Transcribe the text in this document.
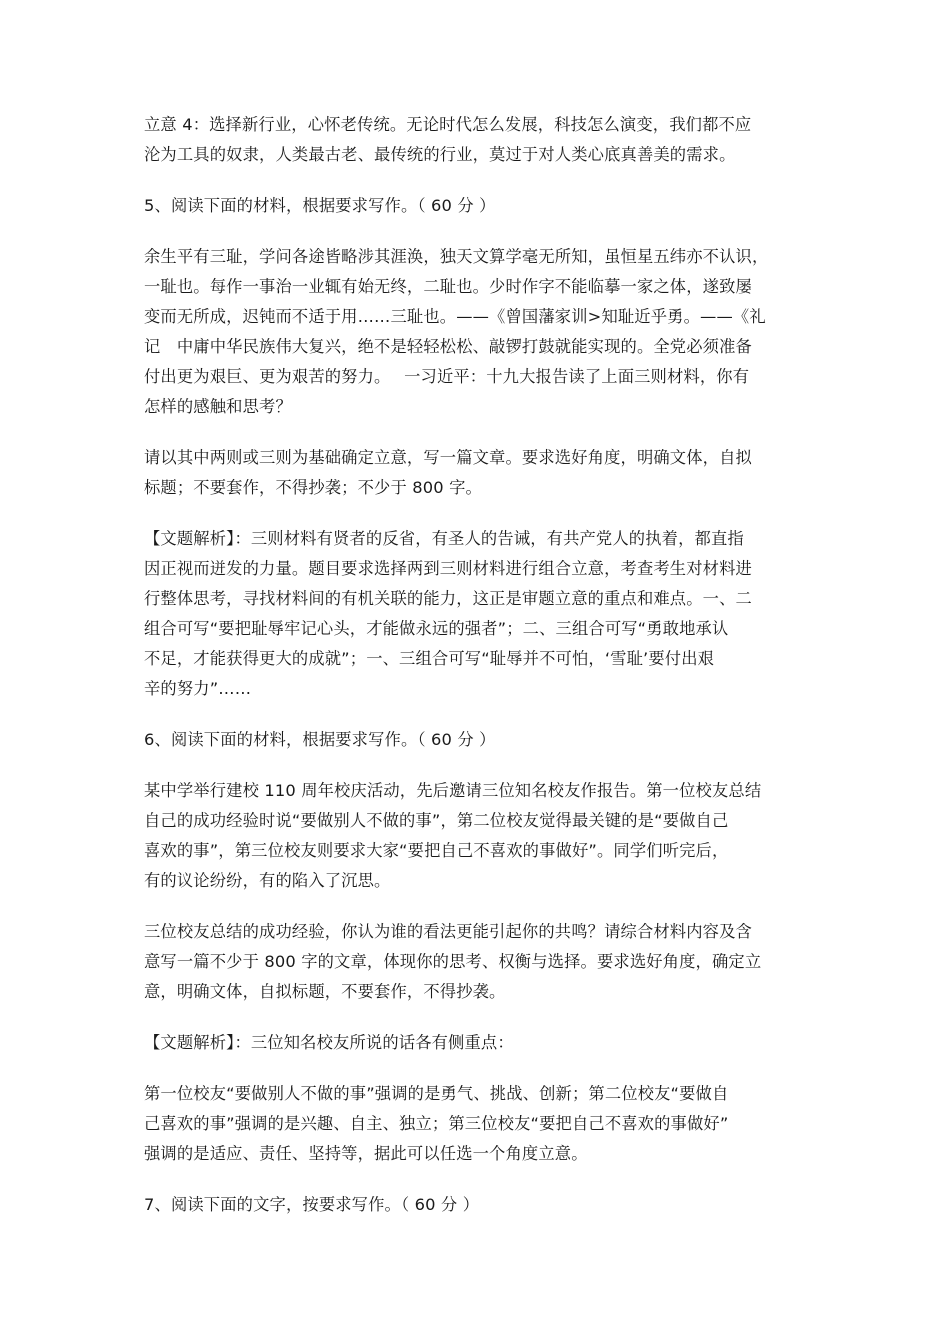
立意 4：选择新行业，心怀老传统。无论时代怎么发展，科技怎么演变，我们都不应
沦为工具的奴隶，人类最古老、最传统的行业，莫过于对人类心底真善美的需求。

5、阅读下面的材料，根据要求写作。（ 60 分 ）

余生平有三耻，学问各途皆略涉其涯涣，独天文算学毫无所知，虽恒星五纬亦不认识，
一耻也。每作一事治一业辄有始无终，二耻也。少时作字不能临摹一家之体，遂致屡
变而无所成，迟钝而不适于用……三耻也。——《曾国藩家训>知耻近乎勇。——《礼
记　中庸中华民族伟大复兴，绝不是轻轻松松、敲锣打鼓就能实现的。全党必须准备
付出更为艰巨、更为艰苦的努力。　 一习近平：十九大报告读了上面三则材料，你有
怎样的感触和思考？

请以其中两则或三则为基础确定立意，写一篇文章。要求选好角度，明确文体，自拟
标题；不要套作，不得抄袭；不少于 800 字。

【文题解析】：三则材料有贤者的反省，有圣人的告诫，有共产党人的执着，都直指
因正视而迸发的力量。题目要求选择两到三则材料进行组合立意，考查考生对材料进
行整体思考，寻找材料间的有机关联的能力，这正是审题立意的重点和难点。一、二
组合可写“要把耻辱牢记心头，才能做永远的强者”；二、三组合可写“勇敢地承认
不足，才能获得更大的成就”；一、三组合可写“耻辱并不可怕，‘雪耻’要付出艰
辛的努力”……

6、阅读下面的材料，根据要求写作。（ 60 分 ）

某中学举行建校 110 周年校庆活动，先后邀请三位知名校友作报告。第一位校友总结
自己的成功经验时说“要做别人不做的事”，第二位校友觉得最关键的是“要做自己
喜欢的事”，第三位校友则要求大家“要把自己不喜欢的事做好”。同学们听完后，
有的议论纷纷，有的陷入了沉思。

三位校友总结的成功经验，你认为谁的看法更能引起你的共鸣？请综合材料内容及含
意写一篇不少于 800 字的文章，体现你的思考、权衡与选择。要求选好角度，确定立
意，明确文体，自拟标题，不要套作，不得抄袭。

【文题解析】：三位知名校友所说的话各有侧重点：

第一位校友“要做别人不做的事”强调的是勇气、挑战、创新；第二位校友“要做自
己喜欢的事”强调的是兴趣、自主、独立；第三位校友“要把自己不喜欢的事做好”
强调的是适应、责任、坚持等，据此可以任选一个角度立意。

7、阅读下面的文字，按要求写作。（ 60 分 ）
